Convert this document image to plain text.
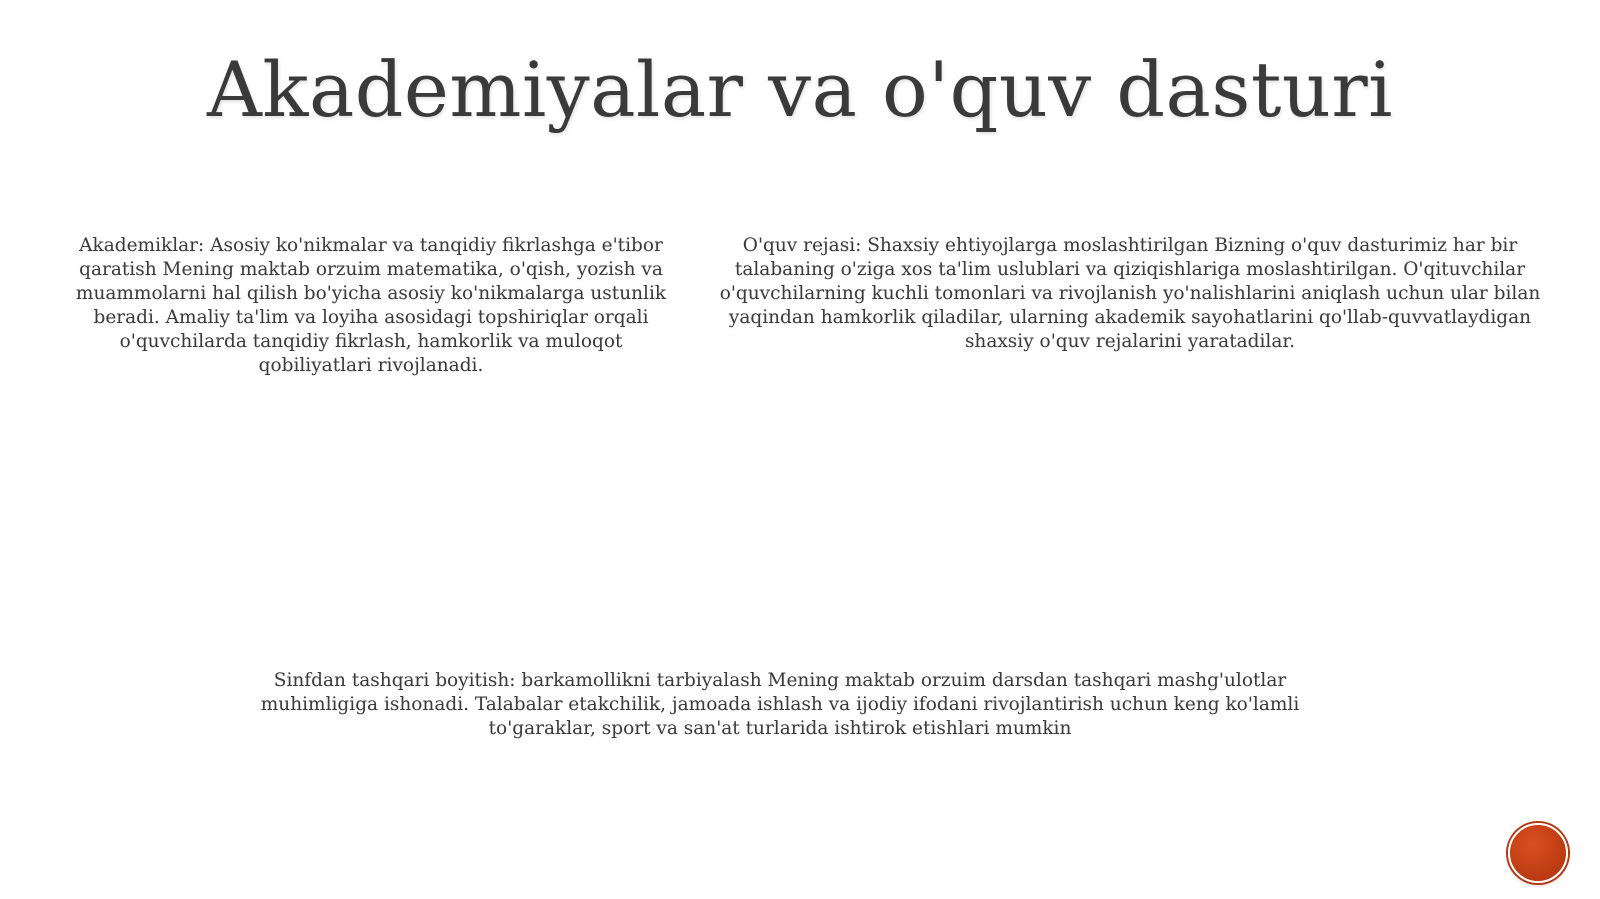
Akademiyalar va o'quv dasturi

Akademiklar: Asosiy ko'nikmalar va tanqidiy fikrlashga e'tibor qaratish Mening maktab orzuim matematika, o'qish, yozish va muammolarni hal qilish bo'yicha asosiy ko'nikmalarga ustunlik beradi. Amaliy ta'lim va loyiha asosidagi topshiriqlar orqali o'quvchilarda tanqidiy fikrlash, hamkorlik va muloqot qobiliyatlari rivojlanadi.

O'quv rejasi: Shaxsiy ehtiyojlarga moslashtirilgan Bizning o'quv dasturimiz har bir talabaning o'ziga xos ta'lim uslublari va qiziqishlariga moslashtirilgan. O'qituvchilar o'quvchilarning kuchli tomonlari va rivojlanish yo'nalishlarini aniqlash uchun ular bilan yaqindan hamkorlik qiladilar, ularning akademik sayohatlarini qo'llab-quvvatlaydigan shaxsiy o'quv rejalarini yaratadilar.

Sinfdan tashqari boyitish: barkamollikni tarbiyalash Mening maktab orzuim darsdan tashqari mashg'ulotlar muhimligiga ishonadi. Talabalar etakchilik, jamoada ishlash va ijodiy ifodani rivojlantirish uchun keng ko'lamli to'garaklar, sport va san'at turlarida ishtirok etishlari mumkin
